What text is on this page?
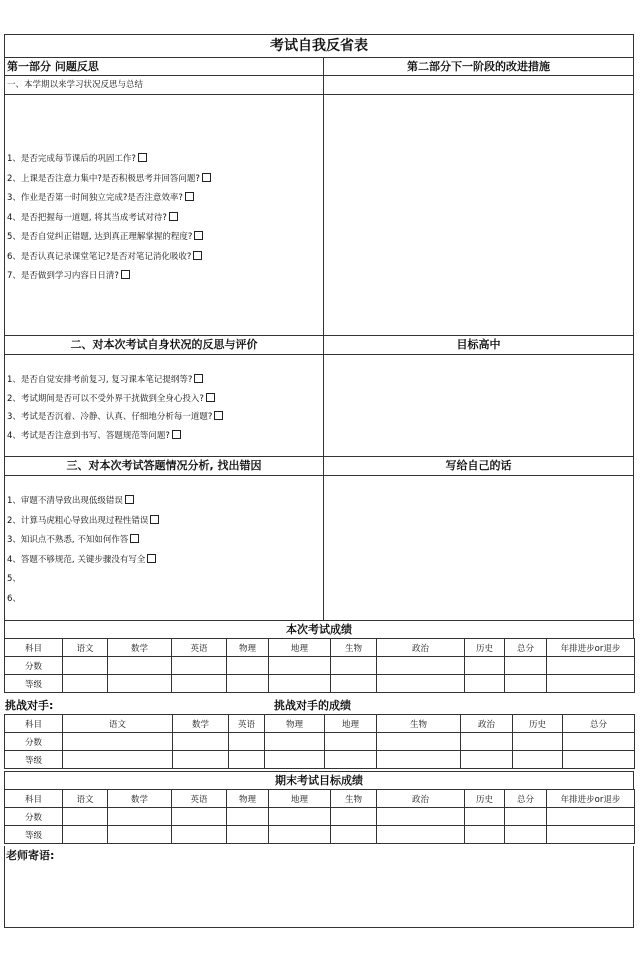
考试自我反省表
第一部分 问题反思	第二部分下一阶段的改进措施
一、本学期以来学习状况反思与总结
1、是否完成每节课后的巩固工作?
2、上课是否注意力集中?是否积极思考并回答问题?
3、作业是否第一时间独立完成?是否注意效率?
4、是否把握每一道题, 将其当成考试对待?
5、是否自觉纠正错题, 达到真正理解掌握的程度?
6、是否认真记录课堂笔记?是否对笔记消化吸收?
7、是否做到学习内容日日清?
二、对本次考试自身状况的反思与评价	目标高中
1、是否自觉安排考前复习, 复习课本笔记提纲等?
2、考试期间是否可以不受外界干扰做到全身心投入?
3、考试是否沉着、冷静、认真、仔细地分析每一道题?
4、考试是否注意到书写、答题规范等问题?
三、对本次考试答题情况分析, 找出错因	写给自己的话
1、审题不清导致出现低级错误
2、计算马虎粗心导致出现过程性错误
3、知识点不熟悉, 不知如何作答
4、答题不够规范, 关键步骤没有写全
5、
6、
本次考试成绩
科目	语文	数学	英语	物理	地理	生物	政治	历史	总分	年排进步or退步
分数										
等级										
挑战对手:	挑战对手的成绩
科目	语文	数学	英语	物理	地理	生物	政治	历史	总分
分数									
等级									
期末考试目标成绩
科目	语文	数学	英语	物理	地理	生物	政治	历史	总分	年排进步or退步
分数										
等级										
老师寄语:
